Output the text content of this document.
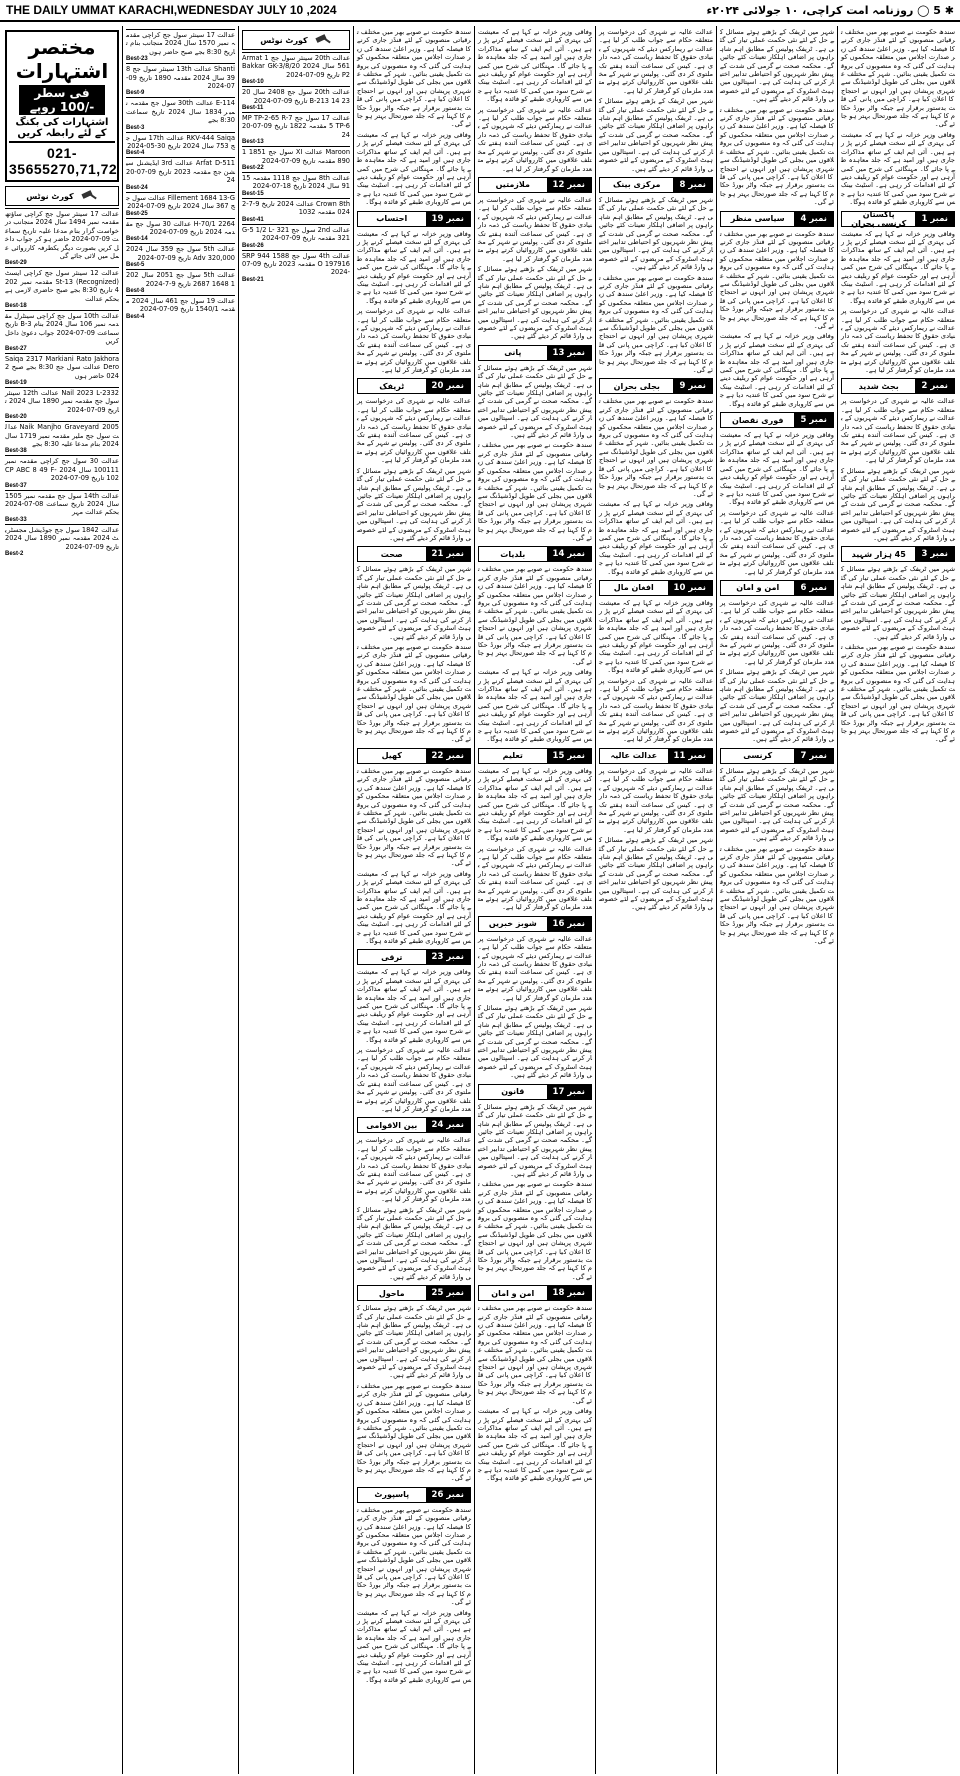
THE DAILY UMMAT KARACHI,WEDNESDAY JULY 10 ,2024	✱ 5 ◯ روزنامہ امت کراچی، ۱۰ جولائی ۲۰۲۴ء
مختصر اشتہارات
فی سطر -/100 روپے
اشتہارات کی بکنگ کے لئے رابطہ کریں
021-35655270,71,72
کورٹ نوٹس
عدالت 17 سینئر سول جج کراچی ساؤتھ مقدمہ نمبر 1494 سال 2024 منجانب درخواست گزار بنام مدعا علیہ تاریخ سماعت 09-07-2024 حاضر ہو کر جواب داخل کریں بصورت دیگر یکطرفہ کارروائی عمل میں لائی جائے گی
Best-29
عدالت 12 سینئر سول جج کراچی ایسٹ St-13 (Recognized) مقدمہ نمبر 2024 تاریخ 8:30 بجے صبح حاضری لازمی ہے بحکم عدالت
Best-18
عدالت 10th سول جج کراچی سینٹرل مقدمہ نمبر 106 سال 2024 بنام 3-B تاریخ سماعت 09-07-2024 جواب دعویٰ داخل کریں
Best-27
Saiqa 2317 Markiani Rato Jakhora Dero عدالت سول جج 8:30 بجے صبح 2024 حاضر ہوں
Best-19
Nail 2023 L-2332 عدالت 12th سینئر سول جج مقدمہ نمبر 1890 سال 2024 تاریخ 09-07-2024
Best-20
Naik Manjho Graveyard 2005 عدالت سول جج ملیر مقدمہ نمبر 1719 سال 2024 بنام مدعا علیہ 8:30 بجے
Best-38
عدالت 30 سول جج کراچی مقدمہ نمبر 100111 سال 2024 CP ABC 8 49 F-102 تاریخ 09-07-2024
Best-37
عدالت 14th سول جج مقدمہ نمبر 1505 سال 2024 تاریخ سماعت 08-07-2024 بحکم عدالت مہر
Best-33
عدالت 1842 سول جج جوڈیشل مجسٹریٹ 2024 مقدمہ نمبر 1890 سال 2024 تاریخ 09-07-2024
Best-2
عدالت 17 سینئر سول جج کراچی مقدمہ نمبر 1570 سال 2024 منجانب بنام تاریخ 8:30 بجے صبح حاضر ہوں
Best-23
Shanti عدالت 13th سینئر سول جج 839 سال 2024 مقدمہ 1890 تاریخ 09-07-2024
Best-9
E-114 عدالت 30th سول جج مقدمہ نمبر 1834 سال 2024 تاریخ سماعت 8:30 بجے
Best-3
RKV-444 Saiqa عدالت 17th سول جج 753 سال 2024 تاریخ 30-05-2024
Best-4
Arfat D-511 عدالت 3rd ایڈیشنل سیشن جج مقدمہ 2023 تاریخ 09-07-2024
Best-24
Fillement 1684 13-G عدالت سول جج 367 سال 2024 تاریخ 09-07-2024
Best-25
H-70/1 2264 عدالت 30 سول جج مقدمہ 2024 تاریخ 09-07-2024
Best-14
عدالت 5th سول جج 359 سال 2024 320,000 Adv تاریخ 09-07-2024
Best-5
عدالت 5th سول جج 2051 سال 2021 1648 2687 تاریخ 9-7-2024
Best-8
عدالت 19 سول جج 461 سال 2024 مقدمہ 1540/1 تاریخ 09-07-2024
Best-4
کورٹ نوٹس
عدالت 20th سینئر سول جج Armat 1561 سال 2024 Bakkar GK-3/8/20 P2 تاریخ 09-07-2024
Best-10
عدالت 20th سول جج 2408 سال 2023 B-213 14 تاریخ 09-07-2024
Best-11
عدالت 17 سول جج MP TP-2-65 R-75 TP-6 مقدمہ 1822 تاریخ 09-07-2024
Best-13
Maroon عدالت XI سول جج 1851 1890 مقدمہ تاریخ 09-07-2024
Best-22
عدالت 8th سول جج 1118 مقدمہ 1591 سال 2024 تاریخ 18-07-2024
Best-15
Crown 8th عدالت 2024 تاریخ 9-7-2024 مقدمہ 1032
Best-41
عدالت 2nd سول جج 321 G-5 1/2 L-321 مقدمہ تاریخ 09-07-2024
Best-26
عدالت 4th سول جج 1588 944 SRPO 197916 مقدمہ 2023 تاریخ 09-07-2024
Best-21
سندھ حکومت نے صوبے بھر میں مختلف ترقیاتی منصوبوں کے لئے فنڈز جاری کرنے کا فیصلہ کیا ہے۔ وزیر اعلیٰ سندھ کی زیر صدارت اجلاس میں متعلقہ محکموں کو ہدایت کی گئی کہ وہ منصوبوں کی بروقت تکمیل یقینی بنائیں۔ شہر کے مختلف علاقوں میں بجلی کی طویل لوڈشیڈنگ سے شہری پریشان ہیں اور انہوں نے احتجاج کا اعلان کیا ہے۔ کراچی میں پانی کی قلت بدستور برقرار ہے جبکہ واٹر بورڈ حکام کا کہنا ہے کہ جلد صورتحال بہتر ہو جائے گی۔
وفاقی وزیر خزانہ نے کہا ہے کہ معیشت کی بہتری کے لئے سخت فیصلے کرنے پڑ رہے ہیں۔ آئی ایم ایف کے ساتھ مذاکرات جاری ہیں اور امید ہے کہ جلد معاہدہ طے پا جائے گا۔ مہنگائی کی شرح میں کمی آرہی ہے اور حکومت عوام کو ریلیف دینے کے لئے اقدامات کر رہی ہے۔ اسٹیٹ بینک نے شرح سود میں کمی کا عندیہ دیا ہے جس سے کاروباری طبقے کو فائدہ ہوگا۔
نمبر 19
احتساب
وفاقی وزیر خزانہ نے کہا ہے کہ معیشت کی بہتری کے لئے سخت فیصلے کرنے پڑ رہے ہیں۔ آئی ایم ایف کے ساتھ مذاکرات جاری ہیں اور امید ہے کہ جلد معاہدہ طے پا جائے گا۔ مہنگائی کی شرح میں کمی آرہی ہے اور حکومت عوام کو ریلیف دینے کے لئے اقدامات کر رہی ہے۔ اسٹیٹ بینک نے شرح سود میں کمی کا عندیہ دیا ہے جس سے کاروباری طبقے کو فائدہ ہوگا۔
عدالت عالیہ نے شہری کی درخواست پر متعلقہ حکام سے جواب طلب کر لیا ہے۔ عدالت نے ریمارکس دیئے کہ شہریوں کے بنیادی حقوق کا تحفظ ریاست کی ذمہ داری ہے۔ کیس کی سماعت آئندہ ہفتے تک ملتوی کر دی گئی۔ پولیس نے شہر کے مختلف علاقوں میں کارروائیاں کرتے ہوئے متعدد ملزمان کو گرفتار کر لیا ہے۔
نمبر 20
ٹریفک
عدالت عالیہ نے شہری کی درخواست پر متعلقہ حکام سے جواب طلب کر لیا ہے۔ عدالت نے ریمارکس دیئے کہ شہریوں کے بنیادی حقوق کا تحفظ ریاست کی ذمہ داری ہے۔ کیس کی سماعت آئندہ ہفتے تک ملتوی کر دی گئی۔ پولیس نے شہر کے مختلف علاقوں میں کارروائیاں کرتے ہوئے متعدد ملزمان کو گرفتار کر لیا ہے۔
شہر میں ٹریفک کے بڑھتے ہوئے مسائل کے حل کے لئے نئی حکمت عملی تیار کی گئی ہے۔ ٹریفک پولیس کے مطابق اہم شاہراہوں پر اضافی اہلکار تعینات کئے جائیں گے۔ محکمہ صحت نے گرمی کی شدت کے پیش نظر شہریوں کو احتیاطی تدابیر اختیار کرنے کی ہدایت کی ہے۔ اسپتالوں میں ہیٹ اسٹروک کے مریضوں کے لئے خصوصی وارڈ قائم کر دیئے گئے ہیں۔
نمبر 21
صحت
شہر میں ٹریفک کے بڑھتے ہوئے مسائل کے حل کے لئے نئی حکمت عملی تیار کی گئی ہے۔ ٹریفک پولیس کے مطابق اہم شاہراہوں پر اضافی اہلکار تعینات کئے جائیں گے۔ محکمہ صحت نے گرمی کی شدت کے پیش نظر شہریوں کو احتیاطی تدابیر اختیار کرنے کی ہدایت کی ہے۔ اسپتالوں میں ہیٹ اسٹروک کے مریضوں کے لئے خصوصی وارڈ قائم کر دیئے گئے ہیں۔
سندھ حکومت نے صوبے بھر میں مختلف ترقیاتی منصوبوں کے لئے فنڈز جاری کرنے کا فیصلہ کیا ہے۔ وزیر اعلیٰ سندھ کی زیر صدارت اجلاس میں متعلقہ محکموں کو ہدایت کی گئی کہ وہ منصوبوں کی بروقت تکمیل یقینی بنائیں۔ شہر کے مختلف علاقوں میں بجلی کی طویل لوڈشیڈنگ سے شہری پریشان ہیں اور انہوں نے احتجاج کا اعلان کیا ہے۔ کراچی میں پانی کی قلت بدستور برقرار ہے جبکہ واٹر بورڈ حکام کا کہنا ہے کہ جلد صورتحال بہتر ہو جائے گی۔
نمبر 22
کھیل
سندھ حکومت نے صوبے بھر میں مختلف ترقیاتی منصوبوں کے لئے فنڈز جاری کرنے کا فیصلہ کیا ہے۔ وزیر اعلیٰ سندھ کی زیر صدارت اجلاس میں متعلقہ محکموں کو ہدایت کی گئی کہ وہ منصوبوں کی بروقت تکمیل یقینی بنائیں۔ شہر کے مختلف علاقوں میں بجلی کی طویل لوڈشیڈنگ سے شہری پریشان ہیں اور انہوں نے احتجاج کا اعلان کیا ہے۔ کراچی میں پانی کی قلت بدستور برقرار ہے جبکہ واٹر بورڈ حکام کا کہنا ہے کہ جلد صورتحال بہتر ہو جائے گی۔
وفاقی وزیر خزانہ نے کہا ہے کہ معیشت کی بہتری کے لئے سخت فیصلے کرنے پڑ رہے ہیں۔ آئی ایم ایف کے ساتھ مذاکرات جاری ہیں اور امید ہے کہ جلد معاہدہ طے پا جائے گا۔ مہنگائی کی شرح میں کمی آرہی ہے اور حکومت عوام کو ریلیف دینے کے لئے اقدامات کر رہی ہے۔ اسٹیٹ بینک نے شرح سود میں کمی کا عندیہ دیا ہے جس سے کاروباری طبقے کو فائدہ ہوگا۔
نمبر 23
ترقی
وفاقی وزیر خزانہ نے کہا ہے کہ معیشت کی بہتری کے لئے سخت فیصلے کرنے پڑ رہے ہیں۔ آئی ایم ایف کے ساتھ مذاکرات جاری ہیں اور امید ہے کہ جلد معاہدہ طے پا جائے گا۔ مہنگائی کی شرح میں کمی آرہی ہے اور حکومت عوام کو ریلیف دینے کے لئے اقدامات کر رہی ہے۔ اسٹیٹ بینک نے شرح سود میں کمی کا عندیہ دیا ہے جس سے کاروباری طبقے کو فائدہ ہوگا۔
عدالت عالیہ نے شہری کی درخواست پر متعلقہ حکام سے جواب طلب کر لیا ہے۔ عدالت نے ریمارکس دیئے کہ شہریوں کے بنیادی حقوق کا تحفظ ریاست کی ذمہ داری ہے۔ کیس کی سماعت آئندہ ہفتے تک ملتوی کر دی گئی۔ پولیس نے شہر کے مختلف علاقوں میں کارروائیاں کرتے ہوئے متعدد ملزمان کو گرفتار کر لیا ہے۔
نمبر 24
بین الاقوامی
عدالت عالیہ نے شہری کی درخواست پر متعلقہ حکام سے جواب طلب کر لیا ہے۔ عدالت نے ریمارکس دیئے کہ شہریوں کے بنیادی حقوق کا تحفظ ریاست کی ذمہ داری ہے۔ کیس کی سماعت آئندہ ہفتے تک ملتوی کر دی گئی۔ پولیس نے شہر کے مختلف علاقوں میں کارروائیاں کرتے ہوئے متعدد ملزمان کو گرفتار کر لیا ہے۔
شہر میں ٹریفک کے بڑھتے ہوئے مسائل کے حل کے لئے نئی حکمت عملی تیار کی گئی ہے۔ ٹریفک پولیس کے مطابق اہم شاہراہوں پر اضافی اہلکار تعینات کئے جائیں گے۔ محکمہ صحت نے گرمی کی شدت کے پیش نظر شہریوں کو احتیاطی تدابیر اختیار کرنے کی ہدایت کی ہے۔ اسپتالوں میں ہیٹ اسٹروک کے مریضوں کے لئے خصوصی وارڈ قائم کر دیئے گئے ہیں۔
نمبر 25
ماحول
شہر میں ٹریفک کے بڑھتے ہوئے مسائل کے حل کے لئے نئی حکمت عملی تیار کی گئی ہے۔ ٹریفک پولیس کے مطابق اہم شاہراہوں پر اضافی اہلکار تعینات کئے جائیں گے۔ محکمہ صحت نے گرمی کی شدت کے پیش نظر شہریوں کو احتیاطی تدابیر اختیار کرنے کی ہدایت کی ہے۔ اسپتالوں میں ہیٹ اسٹروک کے مریضوں کے لئے خصوصی وارڈ قائم کر دیئے گئے ہیں۔
سندھ حکومت نے صوبے بھر میں مختلف ترقیاتی منصوبوں کے لئے فنڈز جاری کرنے کا فیصلہ کیا ہے۔ وزیر اعلیٰ سندھ کی زیر صدارت اجلاس میں متعلقہ محکموں کو ہدایت کی گئی کہ وہ منصوبوں کی بروقت تکمیل یقینی بنائیں۔ شہر کے مختلف علاقوں میں بجلی کی طویل لوڈشیڈنگ سے شہری پریشان ہیں اور انہوں نے احتجاج کا اعلان کیا ہے۔ کراچی میں پانی کی قلت بدستور برقرار ہے جبکہ واٹر بورڈ حکام کا کہنا ہے کہ جلد صورتحال بہتر ہو جائے گی۔
نمبر 26
پاسپورٹ
سندھ حکومت نے صوبے بھر میں مختلف ترقیاتی منصوبوں کے لئے فنڈز جاری کرنے کا فیصلہ کیا ہے۔ وزیر اعلیٰ سندھ کی زیر صدارت اجلاس میں متعلقہ محکموں کو ہدایت کی گئی کہ وہ منصوبوں کی بروقت تکمیل یقینی بنائیں۔ شہر کے مختلف علاقوں میں بجلی کی طویل لوڈشیڈنگ سے شہری پریشان ہیں اور انہوں نے احتجاج کا اعلان کیا ہے۔ کراچی میں پانی کی قلت بدستور برقرار ہے جبکہ واٹر بورڈ حکام کا کہنا ہے کہ جلد صورتحال بہتر ہو جائے گی۔
وفاقی وزیر خزانہ نے کہا ہے کہ معیشت کی بہتری کے لئے سخت فیصلے کرنے پڑ رہے ہیں۔ آئی ایم ایف کے ساتھ مذاکرات جاری ہیں اور امید ہے کہ جلد معاہدہ طے پا جائے گا۔ مہنگائی کی شرح میں کمی آرہی ہے اور حکومت عوام کو ریلیف دینے کے لئے اقدامات کر رہی ہے۔ اسٹیٹ بینک نے شرح سود میں کمی کا عندیہ دیا ہے جس سے کاروباری طبقے کو فائدہ ہوگا۔
وفاقی وزیر خزانہ نے کہا ہے کہ معیشت کی بہتری کے لئے سخت فیصلے کرنے پڑ رہے ہیں۔ آئی ایم ایف کے ساتھ مذاکرات جاری ہیں اور امید ہے کہ جلد معاہدہ طے پا جائے گا۔ مہنگائی کی شرح میں کمی آرہی ہے اور حکومت عوام کو ریلیف دینے کے لئے اقدامات کر رہی ہے۔ اسٹیٹ بینک نے شرح سود میں کمی کا عندیہ دیا ہے جس سے کاروباری طبقے کو فائدہ ہوگا۔
عدالت عالیہ نے شہری کی درخواست پر متعلقہ حکام سے جواب طلب کر لیا ہے۔ عدالت نے ریمارکس دیئے کہ شہریوں کے بنیادی حقوق کا تحفظ ریاست کی ذمہ داری ہے۔ کیس کی سماعت آئندہ ہفتے تک ملتوی کر دی گئی۔ پولیس نے شہر کے مختلف علاقوں میں کارروائیاں کرتے ہوئے متعدد ملزمان کو گرفتار کر لیا ہے۔
نمبر 12
ملازمتیں
عدالت عالیہ نے شہری کی درخواست پر متعلقہ حکام سے جواب طلب کر لیا ہے۔ عدالت نے ریمارکس دیئے کہ شہریوں کے بنیادی حقوق کا تحفظ ریاست کی ذمہ داری ہے۔ کیس کی سماعت آئندہ ہفتے تک ملتوی کر دی گئی۔ پولیس نے شہر کے مختلف علاقوں میں کارروائیاں کرتے ہوئے متعدد ملزمان کو گرفتار کر لیا ہے۔
شہر میں ٹریفک کے بڑھتے ہوئے مسائل کے حل کے لئے نئی حکمت عملی تیار کی گئی ہے۔ ٹریفک پولیس کے مطابق اہم شاہراہوں پر اضافی اہلکار تعینات کئے جائیں گے۔ محکمہ صحت نے گرمی کی شدت کے پیش نظر شہریوں کو احتیاطی تدابیر اختیار کرنے کی ہدایت کی ہے۔ اسپتالوں میں ہیٹ اسٹروک کے مریضوں کے لئے خصوصی وارڈ قائم کر دیئے گئے ہیں۔
نمبر 13
پانی
شہر میں ٹریفک کے بڑھتے ہوئے مسائل کے حل کے لئے نئی حکمت عملی تیار کی گئی ہے۔ ٹریفک پولیس کے مطابق اہم شاہراہوں پر اضافی اہلکار تعینات کئے جائیں گے۔ محکمہ صحت نے گرمی کی شدت کے پیش نظر شہریوں کو احتیاطی تدابیر اختیار کرنے کی ہدایت کی ہے۔ اسپتالوں میں ہیٹ اسٹروک کے مریضوں کے لئے خصوصی وارڈ قائم کر دیئے گئے ہیں۔
سندھ حکومت نے صوبے بھر میں مختلف ترقیاتی منصوبوں کے لئے فنڈز جاری کرنے کا فیصلہ کیا ہے۔ وزیر اعلیٰ سندھ کی زیر صدارت اجلاس میں متعلقہ محکموں کو ہدایت کی گئی کہ وہ منصوبوں کی بروقت تکمیل یقینی بنائیں۔ شہر کے مختلف علاقوں میں بجلی کی طویل لوڈشیڈنگ سے شہری پریشان ہیں اور انہوں نے احتجاج کا اعلان کیا ہے۔ کراچی میں پانی کی قلت بدستور برقرار ہے جبکہ واٹر بورڈ حکام کا کہنا ہے کہ جلد صورتحال بہتر ہو جائے گی۔
نمبر 14
بلدیات
سندھ حکومت نے صوبے بھر میں مختلف ترقیاتی منصوبوں کے لئے فنڈز جاری کرنے کا فیصلہ کیا ہے۔ وزیر اعلیٰ سندھ کی زیر صدارت اجلاس میں متعلقہ محکموں کو ہدایت کی گئی کہ وہ منصوبوں کی بروقت تکمیل یقینی بنائیں۔ شہر کے مختلف علاقوں میں بجلی کی طویل لوڈشیڈنگ سے شہری پریشان ہیں اور انہوں نے احتجاج کا اعلان کیا ہے۔ کراچی میں پانی کی قلت بدستور برقرار ہے جبکہ واٹر بورڈ حکام کا کہنا ہے کہ جلد صورتحال بہتر ہو جائے گی۔
وفاقی وزیر خزانہ نے کہا ہے کہ معیشت کی بہتری کے لئے سخت فیصلے کرنے پڑ رہے ہیں۔ آئی ایم ایف کے ساتھ مذاکرات جاری ہیں اور امید ہے کہ جلد معاہدہ طے پا جائے گا۔ مہنگائی کی شرح میں کمی آرہی ہے اور حکومت عوام کو ریلیف دینے کے لئے اقدامات کر رہی ہے۔ اسٹیٹ بینک نے شرح سود میں کمی کا عندیہ دیا ہے جس سے کاروباری طبقے کو فائدہ ہوگا۔
نمبر 15
تعلیم
وفاقی وزیر خزانہ نے کہا ہے کہ معیشت کی بہتری کے لئے سخت فیصلے کرنے پڑ رہے ہیں۔ آئی ایم ایف کے ساتھ مذاکرات جاری ہیں اور امید ہے کہ جلد معاہدہ طے پا جائے گا۔ مہنگائی کی شرح میں کمی آرہی ہے اور حکومت عوام کو ریلیف دینے کے لئے اقدامات کر رہی ہے۔ اسٹیٹ بینک نے شرح سود میں کمی کا عندیہ دیا ہے جس سے کاروباری طبقے کو فائدہ ہوگا۔
عدالت عالیہ نے شہری کی درخواست پر متعلقہ حکام سے جواب طلب کر لیا ہے۔ عدالت نے ریمارکس دیئے کہ شہریوں کے بنیادی حقوق کا تحفظ ریاست کی ذمہ داری ہے۔ کیس کی سماعت آئندہ ہفتے تک ملتوی کر دی گئی۔ پولیس نے شہر کے مختلف علاقوں میں کارروائیاں کرتے ہوئے متعدد ملزمان کو گرفتار کر لیا ہے۔
نمبر 16
شوبز خبریں
عدالت عالیہ نے شہری کی درخواست پر متعلقہ حکام سے جواب طلب کر لیا ہے۔ عدالت نے ریمارکس دیئے کہ شہریوں کے بنیادی حقوق کا تحفظ ریاست کی ذمہ داری ہے۔ کیس کی سماعت آئندہ ہفتے تک ملتوی کر دی گئی۔ پولیس نے شہر کے مختلف علاقوں میں کارروائیاں کرتے ہوئے متعدد ملزمان کو گرفتار کر لیا ہے۔
شہر میں ٹریفک کے بڑھتے ہوئے مسائل کے حل کے لئے نئی حکمت عملی تیار کی گئی ہے۔ ٹریفک پولیس کے مطابق اہم شاہراہوں پر اضافی اہلکار تعینات کئے جائیں گے۔ محکمہ صحت نے گرمی کی شدت کے پیش نظر شہریوں کو احتیاطی تدابیر اختیار کرنے کی ہدایت کی ہے۔ اسپتالوں میں ہیٹ اسٹروک کے مریضوں کے لئے خصوصی وارڈ قائم کر دیئے گئے ہیں۔
نمبر 17
قانون
شہر میں ٹریفک کے بڑھتے ہوئے مسائل کے حل کے لئے نئی حکمت عملی تیار کی گئی ہے۔ ٹریفک پولیس کے مطابق اہم شاہراہوں پر اضافی اہلکار تعینات کئے جائیں گے۔ محکمہ صحت نے گرمی کی شدت کے پیش نظر شہریوں کو احتیاطی تدابیر اختیار کرنے کی ہدایت کی ہے۔ اسپتالوں میں ہیٹ اسٹروک کے مریضوں کے لئے خصوصی وارڈ قائم کر دیئے گئے ہیں۔
سندھ حکومت نے صوبے بھر میں مختلف ترقیاتی منصوبوں کے لئے فنڈز جاری کرنے کا فیصلہ کیا ہے۔ وزیر اعلیٰ سندھ کی زیر صدارت اجلاس میں متعلقہ محکموں کو ہدایت کی گئی کہ وہ منصوبوں کی بروقت تکمیل یقینی بنائیں۔ شہر کے مختلف علاقوں میں بجلی کی طویل لوڈشیڈنگ سے شہری پریشان ہیں اور انہوں نے احتجاج کا اعلان کیا ہے۔ کراچی میں پانی کی قلت بدستور برقرار ہے جبکہ واٹر بورڈ حکام کا کہنا ہے کہ جلد صورتحال بہتر ہو جائے گی۔
نمبر 18
امن و امان
سندھ حکومت نے صوبے بھر میں مختلف ترقیاتی منصوبوں کے لئے فنڈز جاری کرنے کا فیصلہ کیا ہے۔ وزیر اعلیٰ سندھ کی زیر صدارت اجلاس میں متعلقہ محکموں کو ہدایت کی گئی کہ وہ منصوبوں کی بروقت تکمیل یقینی بنائیں۔ شہر کے مختلف علاقوں میں بجلی کی طویل لوڈشیڈنگ سے شہری پریشان ہیں اور انہوں نے احتجاج کا اعلان کیا ہے۔ کراچی میں پانی کی قلت بدستور برقرار ہے جبکہ واٹر بورڈ حکام کا کہنا ہے کہ جلد صورتحال بہتر ہو جائے گی۔
وفاقی وزیر خزانہ نے کہا ہے کہ معیشت کی بہتری کے لئے سخت فیصلے کرنے پڑ رہے ہیں۔ آئی ایم ایف کے ساتھ مذاکرات جاری ہیں اور امید ہے کہ جلد معاہدہ طے پا جائے گا۔ مہنگائی کی شرح میں کمی آرہی ہے اور حکومت عوام کو ریلیف دینے کے لئے اقدامات کر رہی ہے۔ اسٹیٹ بینک نے شرح سود میں کمی کا عندیہ دیا ہے جس سے کاروباری طبقے کو فائدہ ہوگا۔
عدالت عالیہ نے شہری کی درخواست پر متعلقہ حکام سے جواب طلب کر لیا ہے۔ عدالت نے ریمارکس دیئے کہ شہریوں کے بنیادی حقوق کا تحفظ ریاست کی ذمہ داری ہے۔ کیس کی سماعت آئندہ ہفتے تک ملتوی کر دی گئی۔ پولیس نے شہر کے مختلف علاقوں میں کارروائیاں کرتے ہوئے متعدد ملزمان کو گرفتار کر لیا ہے۔
شہر میں ٹریفک کے بڑھتے ہوئے مسائل کے حل کے لئے نئی حکمت عملی تیار کی گئی ہے۔ ٹریفک پولیس کے مطابق اہم شاہراہوں پر اضافی اہلکار تعینات کئے جائیں گے۔ محکمہ صحت نے گرمی کی شدت کے پیش نظر شہریوں کو احتیاطی تدابیر اختیار کرنے کی ہدایت کی ہے۔ اسپتالوں میں ہیٹ اسٹروک کے مریضوں کے لئے خصوصی وارڈ قائم کر دیئے گئے ہیں۔
نمبر 8
مرکزی بینک
شہر میں ٹریفک کے بڑھتے ہوئے مسائل کے حل کے لئے نئی حکمت عملی تیار کی گئی ہے۔ ٹریفک پولیس کے مطابق اہم شاہراہوں پر اضافی اہلکار تعینات کئے جائیں گے۔ محکمہ صحت نے گرمی کی شدت کے پیش نظر شہریوں کو احتیاطی تدابیر اختیار کرنے کی ہدایت کی ہے۔ اسپتالوں میں ہیٹ اسٹروک کے مریضوں کے لئے خصوصی وارڈ قائم کر دیئے گئے ہیں۔
سندھ حکومت نے صوبے بھر میں مختلف ترقیاتی منصوبوں کے لئے فنڈز جاری کرنے کا فیصلہ کیا ہے۔ وزیر اعلیٰ سندھ کی زیر صدارت اجلاس میں متعلقہ محکموں کو ہدایت کی گئی کہ وہ منصوبوں کی بروقت تکمیل یقینی بنائیں۔ شہر کے مختلف علاقوں میں بجلی کی طویل لوڈشیڈنگ سے شہری پریشان ہیں اور انہوں نے احتجاج کا اعلان کیا ہے۔ کراچی میں پانی کی قلت بدستور برقرار ہے جبکہ واٹر بورڈ حکام کا کہنا ہے کہ جلد صورتحال بہتر ہو جائے گی۔
نمبر 9
بجلی بحران
سندھ حکومت نے صوبے بھر میں مختلف ترقیاتی منصوبوں کے لئے فنڈز جاری کرنے کا فیصلہ کیا ہے۔ وزیر اعلیٰ سندھ کی زیر صدارت اجلاس میں متعلقہ محکموں کو ہدایت کی گئی کہ وہ منصوبوں کی بروقت تکمیل یقینی بنائیں۔ شہر کے مختلف علاقوں میں بجلی کی طویل لوڈشیڈنگ سے شہری پریشان ہیں اور انہوں نے احتجاج کا اعلان کیا ہے۔ کراچی میں پانی کی قلت بدستور برقرار ہے جبکہ واٹر بورڈ حکام کا کہنا ہے کہ جلد صورتحال بہتر ہو جائے گی۔
وفاقی وزیر خزانہ نے کہا ہے کہ معیشت کی بہتری کے لئے سخت فیصلے کرنے پڑ رہے ہیں۔ آئی ایم ایف کے ساتھ مذاکرات جاری ہیں اور امید ہے کہ جلد معاہدہ طے پا جائے گا۔ مہنگائی کی شرح میں کمی آرہی ہے اور حکومت عوام کو ریلیف دینے کے لئے اقدامات کر رہی ہے۔ اسٹیٹ بینک نے شرح سود میں کمی کا عندیہ دیا ہے جس سے کاروباری طبقے کو فائدہ ہوگا۔
نمبر 10
افغان مال
وفاقی وزیر خزانہ نے کہا ہے کہ معیشت کی بہتری کے لئے سخت فیصلے کرنے پڑ رہے ہیں۔ آئی ایم ایف کے ساتھ مذاکرات جاری ہیں اور امید ہے کہ جلد معاہدہ طے پا جائے گا۔ مہنگائی کی شرح میں کمی آرہی ہے اور حکومت عوام کو ریلیف دینے کے لئے اقدامات کر رہی ہے۔ اسٹیٹ بینک نے شرح سود میں کمی کا عندیہ دیا ہے جس سے کاروباری طبقے کو فائدہ ہوگا۔
عدالت عالیہ نے شہری کی درخواست پر متعلقہ حکام سے جواب طلب کر لیا ہے۔ عدالت نے ریمارکس دیئے کہ شہریوں کے بنیادی حقوق کا تحفظ ریاست کی ذمہ داری ہے۔ کیس کی سماعت آئندہ ہفتے تک ملتوی کر دی گئی۔ پولیس نے شہر کے مختلف علاقوں میں کارروائیاں کرتے ہوئے متعدد ملزمان کو گرفتار کر لیا ہے۔
نمبر 11
عدالت عالیہ
عدالت عالیہ نے شہری کی درخواست پر متعلقہ حکام سے جواب طلب کر لیا ہے۔ عدالت نے ریمارکس دیئے کہ شہریوں کے بنیادی حقوق کا تحفظ ریاست کی ذمہ داری ہے۔ کیس کی سماعت آئندہ ہفتے تک ملتوی کر دی گئی۔ پولیس نے شہر کے مختلف علاقوں میں کارروائیاں کرتے ہوئے متعدد ملزمان کو گرفتار کر لیا ہے۔
شہر میں ٹریفک کے بڑھتے ہوئے مسائل کے حل کے لئے نئی حکمت عملی تیار کی گئی ہے۔ ٹریفک پولیس کے مطابق اہم شاہراہوں پر اضافی اہلکار تعینات کئے جائیں گے۔ محکمہ صحت نے گرمی کی شدت کے پیش نظر شہریوں کو احتیاطی تدابیر اختیار کرنے کی ہدایت کی ہے۔ اسپتالوں میں ہیٹ اسٹروک کے مریضوں کے لئے خصوصی وارڈ قائم کر دیئے گئے ہیں۔
شہر میں ٹریفک کے بڑھتے ہوئے مسائل کے حل کے لئے نئی حکمت عملی تیار کی گئی ہے۔ ٹریفک پولیس کے مطابق اہم شاہراہوں پر اضافی اہلکار تعینات کئے جائیں گے۔ محکمہ صحت نے گرمی کی شدت کے پیش نظر شہریوں کو احتیاطی تدابیر اختیار کرنے کی ہدایت کی ہے۔ اسپتالوں میں ہیٹ اسٹروک کے مریضوں کے لئے خصوصی وارڈ قائم کر دیئے گئے ہیں۔
سندھ حکومت نے صوبے بھر میں مختلف ترقیاتی منصوبوں کے لئے فنڈز جاری کرنے کا فیصلہ کیا ہے۔ وزیر اعلیٰ سندھ کی زیر صدارت اجلاس میں متعلقہ محکموں کو ہدایت کی گئی کہ وہ منصوبوں کی بروقت تکمیل یقینی بنائیں۔ شہر کے مختلف علاقوں میں بجلی کی طویل لوڈشیڈنگ سے شہری پریشان ہیں اور انہوں نے احتجاج کا اعلان کیا ہے۔ کراچی میں پانی کی قلت بدستور برقرار ہے جبکہ واٹر بورڈ حکام کا کہنا ہے کہ جلد صورتحال بہتر ہو جائے گی۔
نمبر 4
سیاسی منظر
سندھ حکومت نے صوبے بھر میں مختلف ترقیاتی منصوبوں کے لئے فنڈز جاری کرنے کا فیصلہ کیا ہے۔ وزیر اعلیٰ سندھ کی زیر صدارت اجلاس میں متعلقہ محکموں کو ہدایت کی گئی کہ وہ منصوبوں کی بروقت تکمیل یقینی بنائیں۔ شہر کے مختلف علاقوں میں بجلی کی طویل لوڈشیڈنگ سے شہری پریشان ہیں اور انہوں نے احتجاج کا اعلان کیا ہے۔ کراچی میں پانی کی قلت بدستور برقرار ہے جبکہ واٹر بورڈ حکام کا کہنا ہے کہ جلد صورتحال بہتر ہو جائے گی۔
وفاقی وزیر خزانہ نے کہا ہے کہ معیشت کی بہتری کے لئے سخت فیصلے کرنے پڑ رہے ہیں۔ آئی ایم ایف کے ساتھ مذاکرات جاری ہیں اور امید ہے کہ جلد معاہدہ طے پا جائے گا۔ مہنگائی کی شرح میں کمی آرہی ہے اور حکومت عوام کو ریلیف دینے کے لئے اقدامات کر رہی ہے۔ اسٹیٹ بینک نے شرح سود میں کمی کا عندیہ دیا ہے جس سے کاروباری طبقے کو فائدہ ہوگا۔
نمبر 5
فوری نقصان
وفاقی وزیر خزانہ نے کہا ہے کہ معیشت کی بہتری کے لئے سخت فیصلے کرنے پڑ رہے ہیں۔ آئی ایم ایف کے ساتھ مذاکرات جاری ہیں اور امید ہے کہ جلد معاہدہ طے پا جائے گا۔ مہنگائی کی شرح میں کمی آرہی ہے اور حکومت عوام کو ریلیف دینے کے لئے اقدامات کر رہی ہے۔ اسٹیٹ بینک نے شرح سود میں کمی کا عندیہ دیا ہے جس سے کاروباری طبقے کو فائدہ ہوگا۔
عدالت عالیہ نے شہری کی درخواست پر متعلقہ حکام سے جواب طلب کر لیا ہے۔ عدالت نے ریمارکس دیئے کہ شہریوں کے بنیادی حقوق کا تحفظ ریاست کی ذمہ داری ہے۔ کیس کی سماعت آئندہ ہفتے تک ملتوی کر دی گئی۔ پولیس نے شہر کے مختلف علاقوں میں کارروائیاں کرتے ہوئے متعدد ملزمان کو گرفتار کر لیا ہے۔
نمبر 6
امن و امان
عدالت عالیہ نے شہری کی درخواست پر متعلقہ حکام سے جواب طلب کر لیا ہے۔ عدالت نے ریمارکس دیئے کہ شہریوں کے بنیادی حقوق کا تحفظ ریاست کی ذمہ داری ہے۔ کیس کی سماعت آئندہ ہفتے تک ملتوی کر دی گئی۔ پولیس نے شہر کے مختلف علاقوں میں کارروائیاں کرتے ہوئے متعدد ملزمان کو گرفتار کر لیا ہے۔
شہر میں ٹریفک کے بڑھتے ہوئے مسائل کے حل کے لئے نئی حکمت عملی تیار کی گئی ہے۔ ٹریفک پولیس کے مطابق اہم شاہراہوں پر اضافی اہلکار تعینات کئے جائیں گے۔ محکمہ صحت نے گرمی کی شدت کے پیش نظر شہریوں کو احتیاطی تدابیر اختیار کرنے کی ہدایت کی ہے۔ اسپتالوں میں ہیٹ اسٹروک کے مریضوں کے لئے خصوصی وارڈ قائم کر دیئے گئے ہیں۔
نمبر 7
کرنسی
شہر میں ٹریفک کے بڑھتے ہوئے مسائل کے حل کے لئے نئی حکمت عملی تیار کی گئی ہے۔ ٹریفک پولیس کے مطابق اہم شاہراہوں پر اضافی اہلکار تعینات کئے جائیں گے۔ محکمہ صحت نے گرمی کی شدت کے پیش نظر شہریوں کو احتیاطی تدابیر اختیار کرنے کی ہدایت کی ہے۔ اسپتالوں میں ہیٹ اسٹروک کے مریضوں کے لئے خصوصی وارڈ قائم کر دیئے گئے ہیں۔
سندھ حکومت نے صوبے بھر میں مختلف ترقیاتی منصوبوں کے لئے فنڈز جاری کرنے کا فیصلہ کیا ہے۔ وزیر اعلیٰ سندھ کی زیر صدارت اجلاس میں متعلقہ محکموں کو ہدایت کی گئی کہ وہ منصوبوں کی بروقت تکمیل یقینی بنائیں۔ شہر کے مختلف علاقوں میں بجلی کی طویل لوڈشیڈنگ سے شہری پریشان ہیں اور انہوں نے احتجاج کا اعلان کیا ہے۔ کراچی میں پانی کی قلت بدستور برقرار ہے جبکہ واٹر بورڈ حکام کا کہنا ہے کہ جلد صورتحال بہتر ہو جائے گی۔
سندھ حکومت نے صوبے بھر میں مختلف ترقیاتی منصوبوں کے لئے فنڈز جاری کرنے کا فیصلہ کیا ہے۔ وزیر اعلیٰ سندھ کی زیر صدارت اجلاس میں متعلقہ محکموں کو ہدایت کی گئی کہ وہ منصوبوں کی بروقت تکمیل یقینی بنائیں۔ شہر کے مختلف علاقوں میں بجلی کی طویل لوڈشیڈنگ سے شہری پریشان ہیں اور انہوں نے احتجاج کا اعلان کیا ہے۔ کراچی میں پانی کی قلت بدستور برقرار ہے جبکہ واٹر بورڈ حکام کا کہنا ہے کہ جلد صورتحال بہتر ہو جائے گی۔
وفاقی وزیر خزانہ نے کہا ہے کہ معیشت کی بہتری کے لئے سخت فیصلے کرنے پڑ رہے ہیں۔ آئی ایم ایف کے ساتھ مذاکرات جاری ہیں اور امید ہے کہ جلد معاہدہ طے پا جائے گا۔ مہنگائی کی شرح میں کمی آرہی ہے اور حکومت عوام کو ریلیف دینے کے لئے اقدامات کر رہی ہے۔ اسٹیٹ بینک نے شرح سود میں کمی کا عندیہ دیا ہے جس سے کاروباری طبقے کو فائدہ ہوگا۔
نمبر 1
پاکستان کرنسی بحران
وفاقی وزیر خزانہ نے کہا ہے کہ معیشت کی بہتری کے لئے سخت فیصلے کرنے پڑ رہے ہیں۔ آئی ایم ایف کے ساتھ مذاکرات جاری ہیں اور امید ہے کہ جلد معاہدہ طے پا جائے گا۔ مہنگائی کی شرح میں کمی آرہی ہے اور حکومت عوام کو ریلیف دینے کے لئے اقدامات کر رہی ہے۔ اسٹیٹ بینک نے شرح سود میں کمی کا عندیہ دیا ہے جس سے کاروباری طبقے کو فائدہ ہوگا۔
عدالت عالیہ نے شہری کی درخواست پر متعلقہ حکام سے جواب طلب کر لیا ہے۔ عدالت نے ریمارکس دیئے کہ شہریوں کے بنیادی حقوق کا تحفظ ریاست کی ذمہ داری ہے۔ کیس کی سماعت آئندہ ہفتے تک ملتوی کر دی گئی۔ پولیس نے شہر کے مختلف علاقوں میں کارروائیاں کرتے ہوئے متعدد ملزمان کو گرفتار کر لیا ہے۔
نمبر 2
بجٹ شدید
عدالت عالیہ نے شہری کی درخواست پر متعلقہ حکام سے جواب طلب کر لیا ہے۔ عدالت نے ریمارکس دیئے کہ شہریوں کے بنیادی حقوق کا تحفظ ریاست کی ذمہ داری ہے۔ کیس کی سماعت آئندہ ہفتے تک ملتوی کر دی گئی۔ پولیس نے شہر کے مختلف علاقوں میں کارروائیاں کرتے ہوئے متعدد ملزمان کو گرفتار کر لیا ہے۔
شہر میں ٹریفک کے بڑھتے ہوئے مسائل کے حل کے لئے نئی حکمت عملی تیار کی گئی ہے۔ ٹریفک پولیس کے مطابق اہم شاہراہوں پر اضافی اہلکار تعینات کئے جائیں گے۔ محکمہ صحت نے گرمی کی شدت کے پیش نظر شہریوں کو احتیاطی تدابیر اختیار کرنے کی ہدایت کی ہے۔ اسپتالوں میں ہیٹ اسٹروک کے مریضوں کے لئے خصوصی وارڈ قائم کر دیئے گئے ہیں۔
نمبر 3
45 ہزار شہید
شہر میں ٹریفک کے بڑھتے ہوئے مسائل کے حل کے لئے نئی حکمت عملی تیار کی گئی ہے۔ ٹریفک پولیس کے مطابق اہم شاہراہوں پر اضافی اہلکار تعینات کئے جائیں گے۔ محکمہ صحت نے گرمی کی شدت کے پیش نظر شہریوں کو احتیاطی تدابیر اختیار کرنے کی ہدایت کی ہے۔ اسپتالوں میں ہیٹ اسٹروک کے مریضوں کے لئے خصوصی وارڈ قائم کر دیئے گئے ہیں۔
سندھ حکومت نے صوبے بھر میں مختلف ترقیاتی منصوبوں کے لئے فنڈز جاری کرنے کا فیصلہ کیا ہے۔ وزیر اعلیٰ سندھ کی زیر صدارت اجلاس میں متعلقہ محکموں کو ہدایت کی گئی کہ وہ منصوبوں کی بروقت تکمیل یقینی بنائیں۔ شہر کے مختلف علاقوں میں بجلی کی طویل لوڈشیڈنگ سے شہری پریشان ہیں اور انہوں نے احتجاج کا اعلان کیا ہے۔ کراچی میں پانی کی قلت بدستور برقرار ہے جبکہ واٹر بورڈ حکام کا کہنا ہے کہ جلد صورتحال بہتر ہو جائے گی۔
